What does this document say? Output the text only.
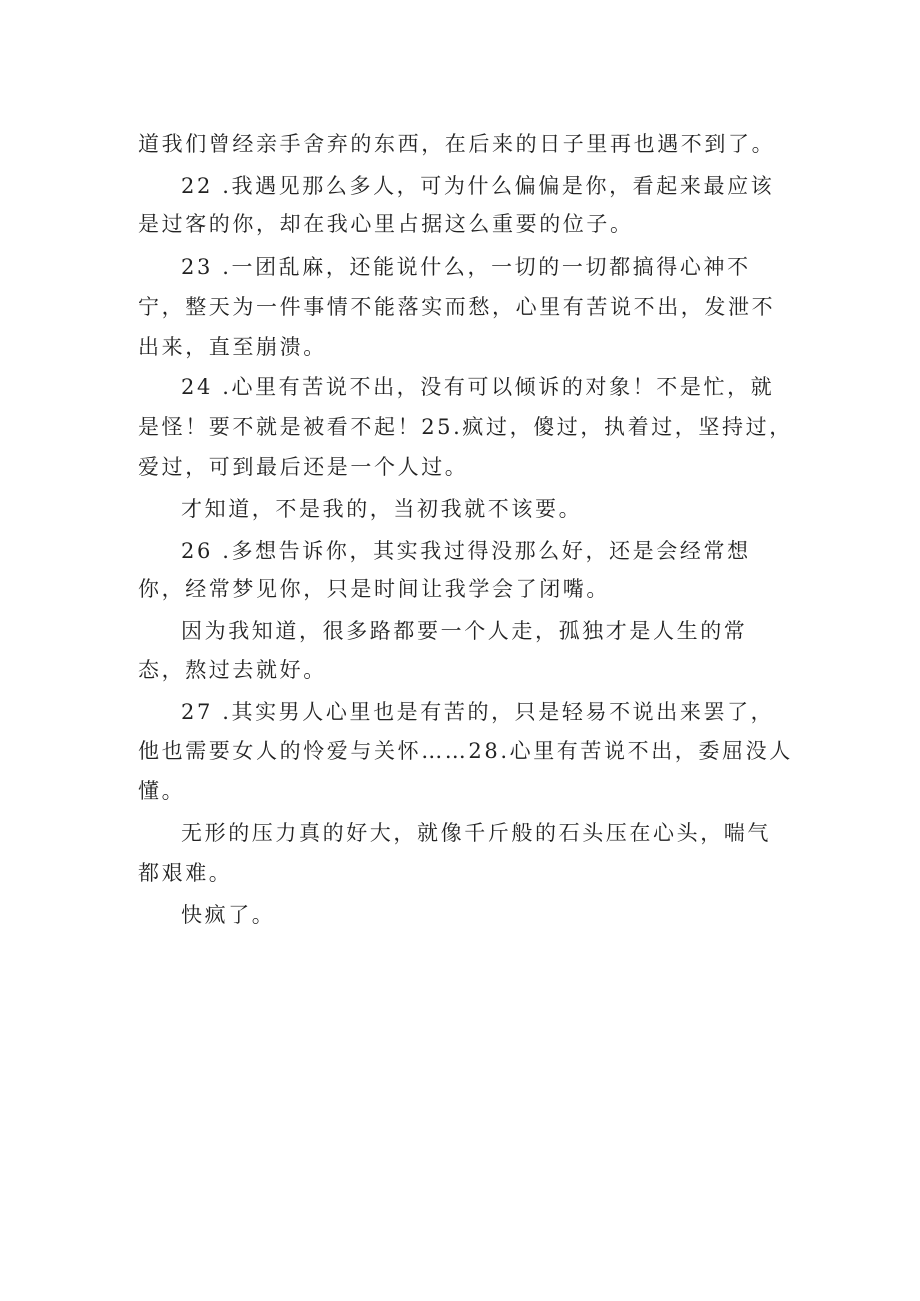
道我们曾经亲手舍弃的东西，在后来的日子里再也遇不到了。
22 .我遇见那么多人，可为什么偏偏是你，看起来最应该
是过客的你，却在我心里占据这么重要的位子。
23 .一团乱麻，还能说什么，一切的一切都搞得心神不
宁，整天为一件事情不能落实而愁，心里有苦说不出，发泄不
出来，直至崩溃。
24 .心里有苦说不出，没有可以倾诉的对象！不是忙，就
是怪！要不就是被看不起！25.疯过，傻过，执着过，坚持过，
爱过，可到最后还是一个人过。
才知道，不是我的，当初我就不该要。
26 .多想告诉你，其实我过得没那么好，还是会经常想
你，经常梦见你，只是时间让我学会了闭嘴。
因为我知道，很多路都要一个人走，孤独才是人生的常
态，熬过去就好。
27 .其实男人心里也是有苦的，只是轻易不说出来罢了，
他也需要女人的怜爱与关怀……28.心里有苦说不出，委屈没人
懂。
无形的压力真的好大，就像千斤般的石头压在心头，喘气
都艰难。
快疯了。
